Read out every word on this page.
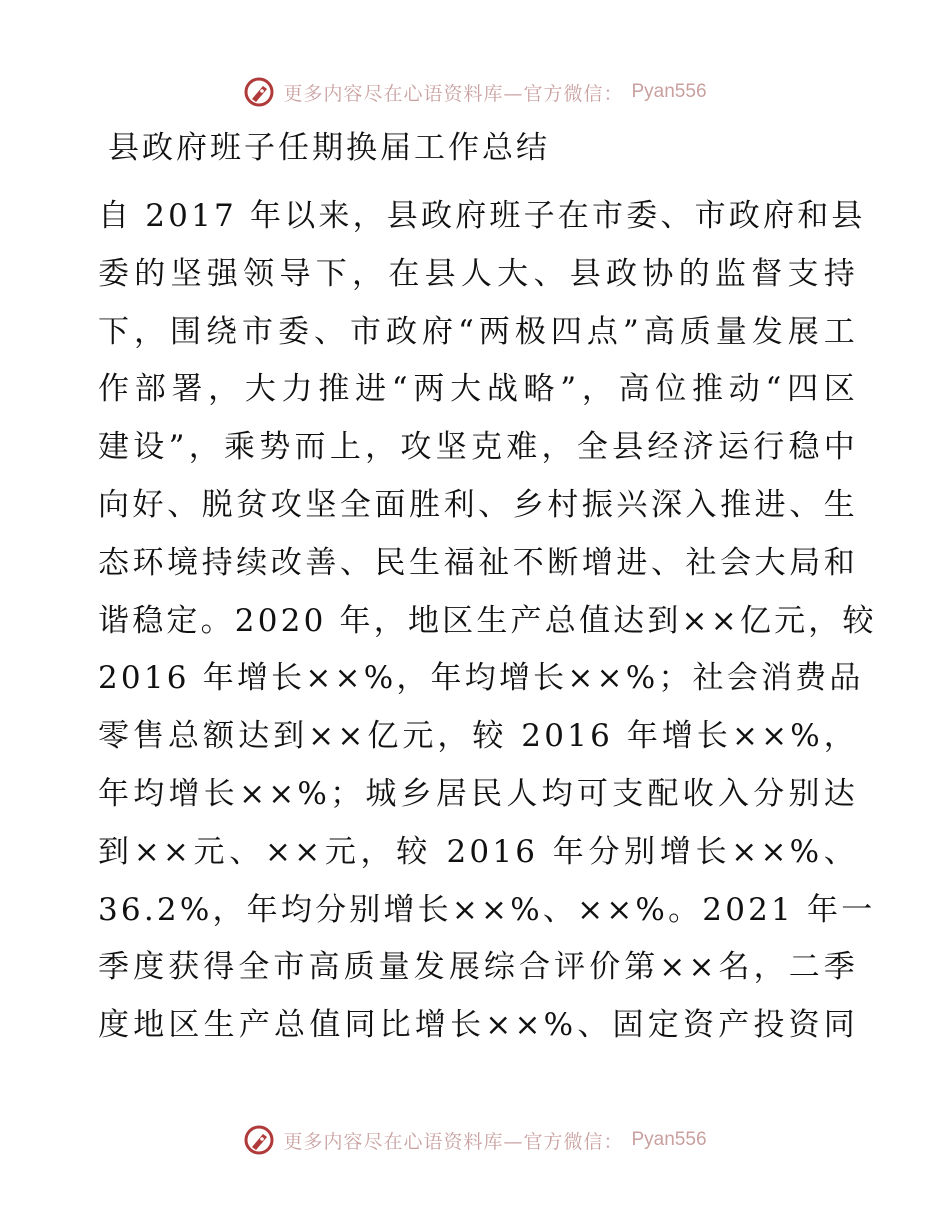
更多内容尽在心语资料库—官方微信： Pyan556
县政府班子任期换届工作总结
自 2017 年以来，县政府班子在市委、市政府和县
委的坚强领导下，在县人大、县政协的监督支持
下，围绕市委、市政府“两极四点”高质量发展工
作部署，大力推进“两大战略”，高位推动“四区
建设”，乘势而上，攻坚克难，全县经济运行稳中
向好、脱贫攻坚全面胜利、乡村振兴深入推进、生
态环境持续改善、民生福祉不断增进、社会大局和
谐稳定。2020 年，地区生产总值达到××亿元，较
2016 年增长××%，年均增长××%；社会消费品
零售总额达到××亿元，较 2016 年增长××%，
年均增长××%；城乡居民人均可支配收入分别达
到××元、××元，较 2016 年分别增长××%、
36.2%，年均分别增长××%、××%。2021 年一
季度获得全市高质量发展综合评价第××名，二季
度地区生产总值同比增长××%、固定资产投资同
更多内容尽在心语资料库—官方微信： Pyan556
